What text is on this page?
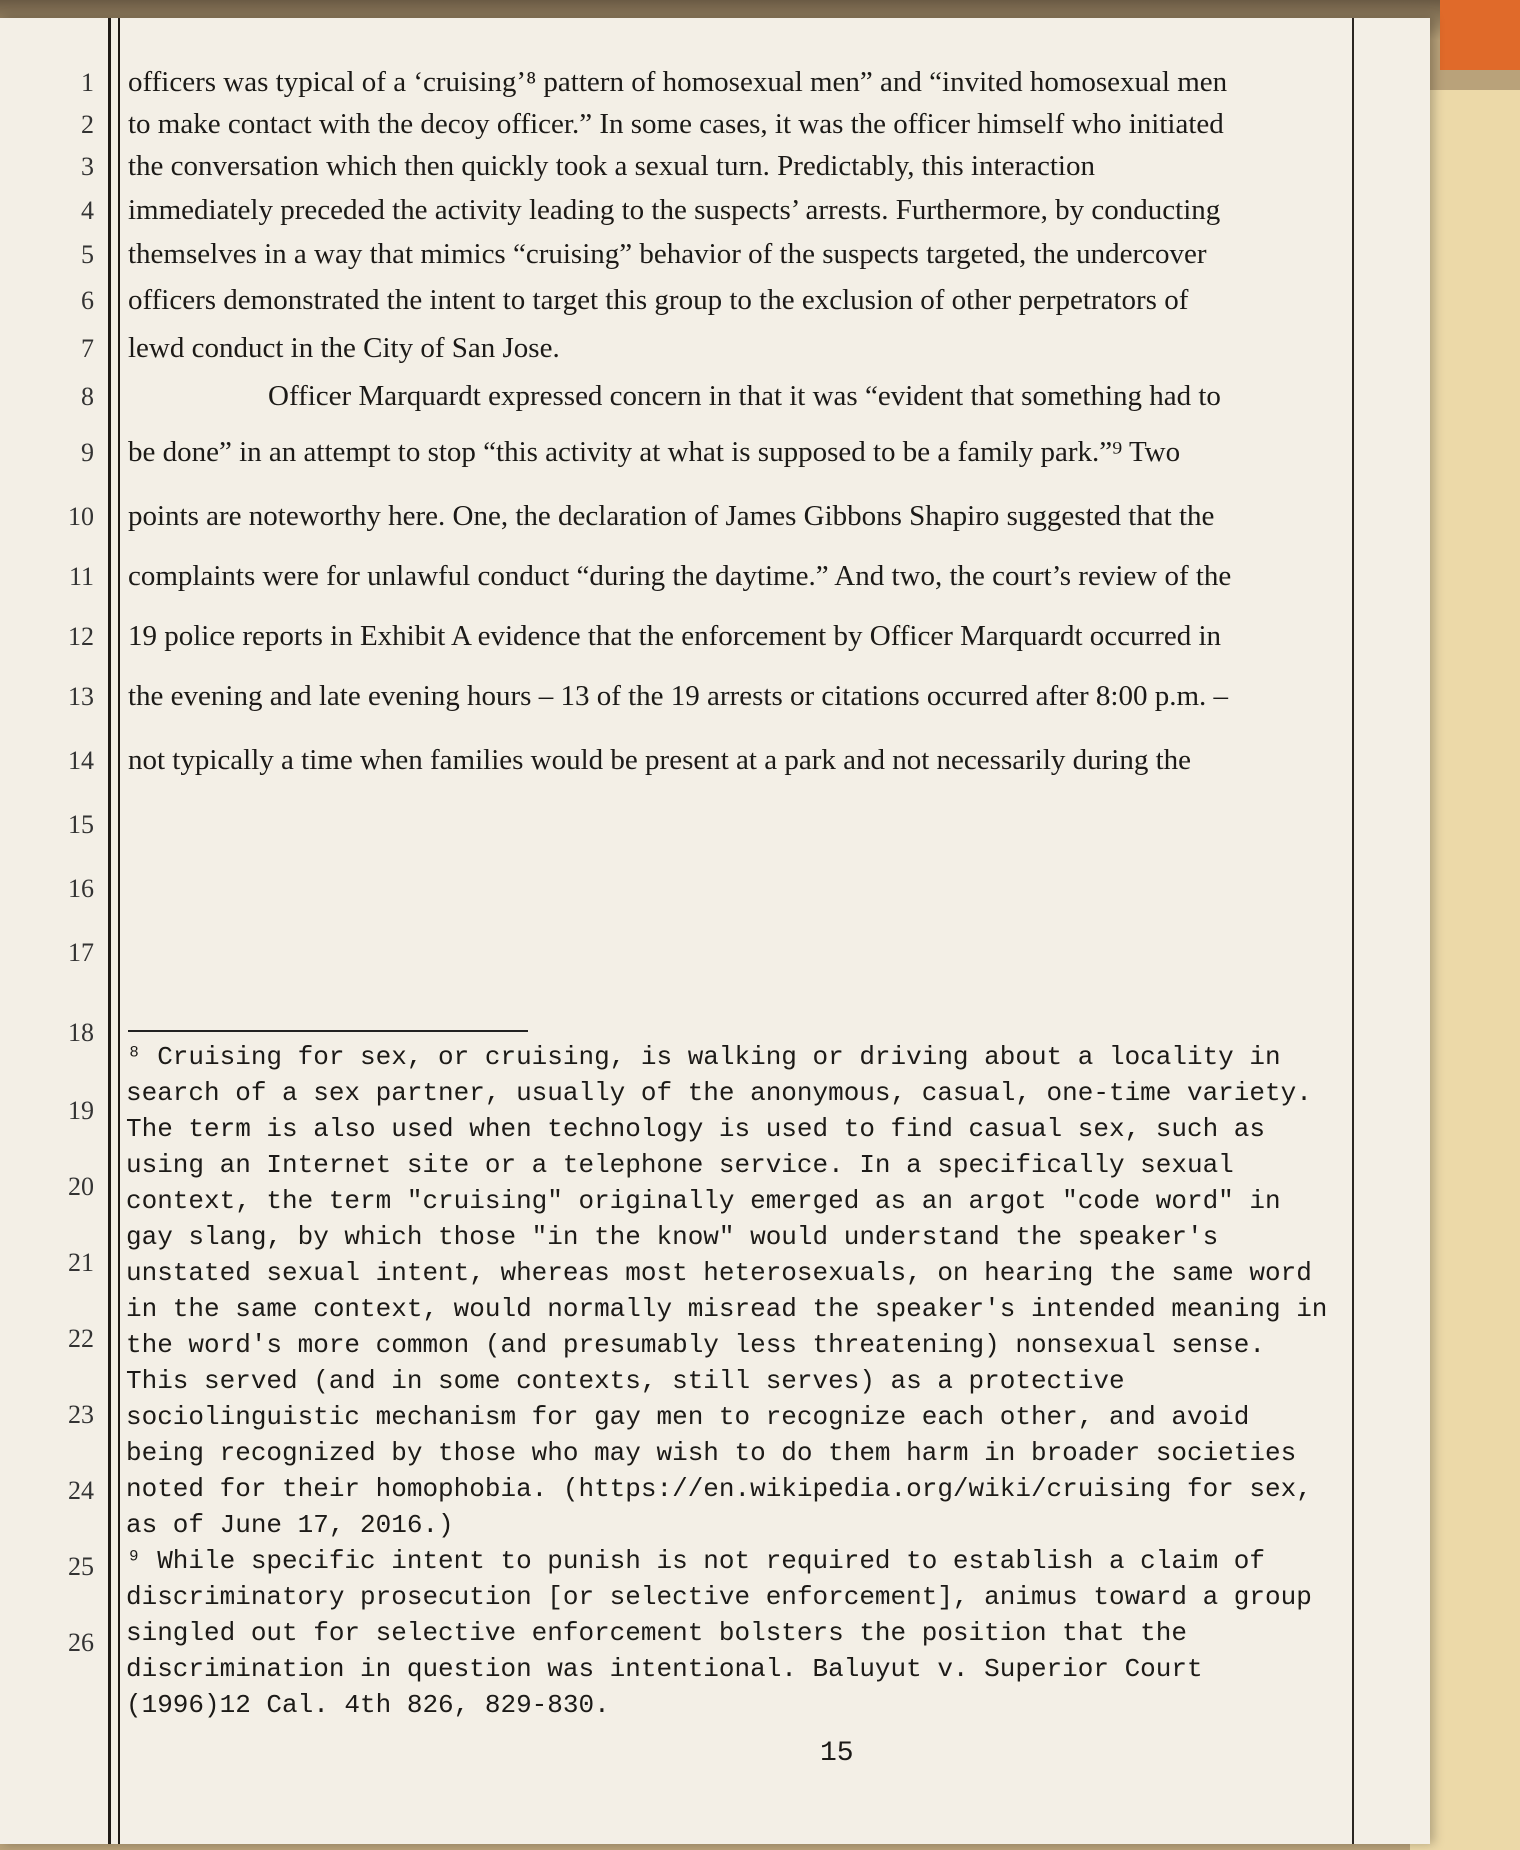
1
2
3
4
5
6
7
8
9
10
11
12
13
14
15
16
17
18
19
20
21
22
23
24
25
26
officers was typical of a ‘cruising’⁸ pattern of homosexual men” and “invited homosexual men
to make contact with the decoy officer.” In some cases, it was the officer himself who initiated
the conversation which then quickly took a sexual turn. Predictably, this interaction
immediately preceded the activity leading to the suspects’ arrests. Furthermore, by conducting
themselves in a way that mimics “cruising” behavior of the suspects targeted, the undercover
officers demonstrated the intent to target this group to the exclusion of other perpetrators of
lewd conduct in the City of San Jose.
Officer Marquardt expressed concern in that it was “evident that something had to
be done” in an attempt to stop “this activity at what is supposed to be a family park.”⁹ Two
points are noteworthy here. One, the declaration of James Gibbons Shapiro suggested that the
complaints were for unlawful conduct “during the daytime.” And two, the court’s review of the
19 police reports in Exhibit A evidence that the enforcement by Officer Marquardt occurred in
the evening and late evening hours – 13 of the 19 arrests or citations occurred after 8:00 p.m. –
not typically a time when families would be present at a park and not necessarily during the
⁸ Cruising for sex, or cruising, is walking or driving about a locality in
search of a sex partner, usually of the anonymous, casual, one-time variety.
The term is also used when technology is used to find casual sex, such as
using an Internet site or a telephone service. In a specifically sexual
context, the term "cruising" originally emerged as an argot "code word" in
gay slang, by which those "in the know" would understand the speaker's
unstated sexual intent, whereas most heterosexuals, on hearing the same word
in the same context, would normally misread the speaker's intended meaning in
the word's more common (and presumably less threatening) nonsexual sense.
This served (and in some contexts, still serves) as a protective
sociolinguistic mechanism for gay men to recognize each other, and avoid
being recognized by those who may wish to do them harm in broader societies
noted for their homophobia. (https://en.wikipedia.org/wiki/cruising for sex,
as of June 17, 2016.)
⁹ While specific intent to punish is not required to establish a claim of
discriminatory prosecution [or selective enforcement], animus toward a group
singled out for selective enforcement bolsters the position that the
discrimination in question was intentional. Baluyut v. Superior Court
(1996)12 Cal. 4th 826, 829-830.
15
